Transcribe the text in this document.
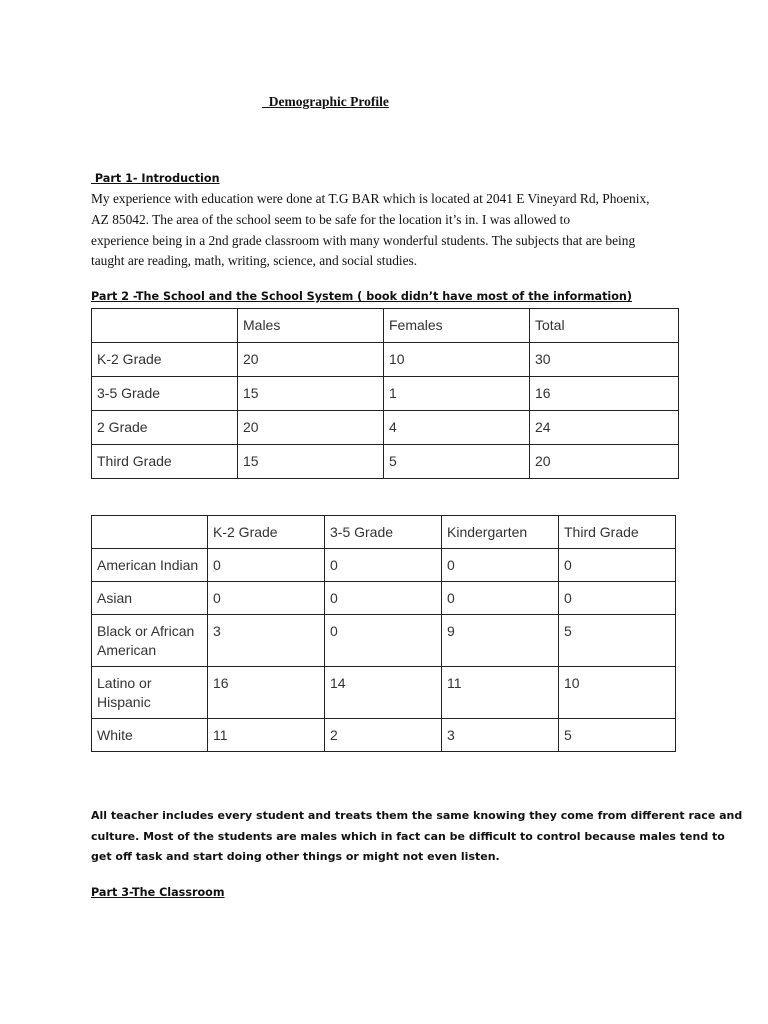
Demographic Profile
Part 1- Introduction
My experience with education were done at T.G BAR which is located at 2041 E Vineyard Rd, Phoenix,
AZ 85042. The area of the school seem to be safe for the location it’s in. I was allowed to
experience being in a 2nd grade classroom with many wonderful students. The subjects that are being
taught are reading, math, writing, science, and social studies.
Part 2 -The School and the School System ( book didn’t have most of the information)
	Males	Females	Total
K-2 Grade	20	10	30
3-5 Grade	15	1	16
2 Grade	20	4	24
Third Grade	15	5	20
	K-2 Grade	3-5 Grade	Kindergarten	Third Grade
American Indian	0	0	0	0
Asian	0	0	0	0
Black or African American	3	0	9	5
Latino or Hispanic	16	14	11	10
White	11	2	3	5
All teacher includes every student and treats them the same knowing they come from different race and
culture. Most of the students are males which in fact can be difficult to control because males tend to
get off task and start doing other things or might not even listen.
Part 3-The Classroom
